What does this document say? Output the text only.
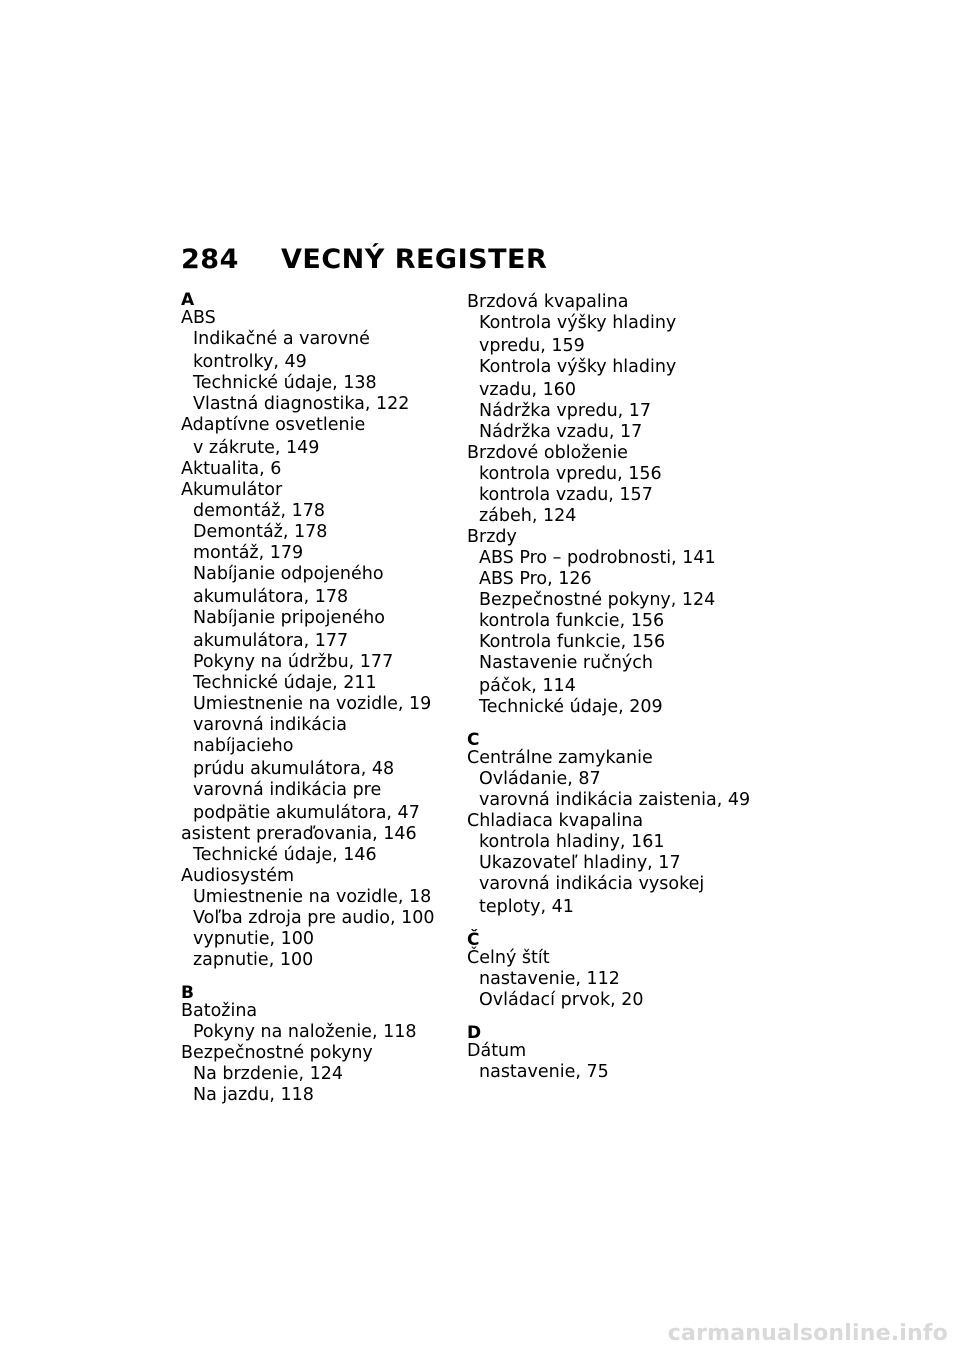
284	VECNÝ REGISTER
A
ABS
Indikačné a varovné
kontrolky, 49
Technické údaje, 138
Vlastná diagnostika, 122
Adaptívne osvetlenie
v zákrute, 149
Aktualita, 6
Akumulátor
demontáž, 178
Demontáž, 178
montáž, 179
Nabíjanie odpojeného
akumulátora, 178
Nabíjanie pripojeného
akumulátora, 177
Pokyny na údržbu, 177
Technické údaje, 211
Umiestnenie na vozidle, 19
varovná indikácia nabíjacieho
prúdu akumulátora, 48
varovná indikácia pre
podpätie akumulátora, 47
asistent preraďovania, 146
Technické údaje, 146
Audiosystém
Umiestnenie na vozidle, 18
Voľba zdroja pre audio, 100
vypnutie, 100
zapnutie, 100
B
Batožina
Pokyny na naloženie, 118
Bezpečnostné pokyny
Na brzdenie, 124
Na jazdu, 118
Brzdová kvapalina
Kontrola výšky hladiny
vpredu, 159
Kontrola výšky hladiny
vzadu, 160
Nádržka vpredu, 17
Nádržka vzadu, 17
Brzdové obloženie
kontrola vpredu, 156
kontrola vzadu, 157
zábeh, 124
Brzdy
ABS Pro – podrobnosti, 141
ABS Pro, 126
Bezpečnostné pokyny, 124
kontrola funkcie, 156
Kontrola funkcie, 156
Nastavenie ručných
páčok, 114
Technické údaje, 209
C
Centrálne zamykanie
Ovládanie, 87
varovná indikácia zaistenia, 49
Chladiaca kvapalina
kontrola hladiny, 161
Ukazovateľ hladiny, 17
varovná indikácia vysokej
teploty, 41
Č
Čelný štít
nastavenie, 112
Ovládací prvok, 20
D
Dátum
nastavenie, 75
carmanualsonline.info
